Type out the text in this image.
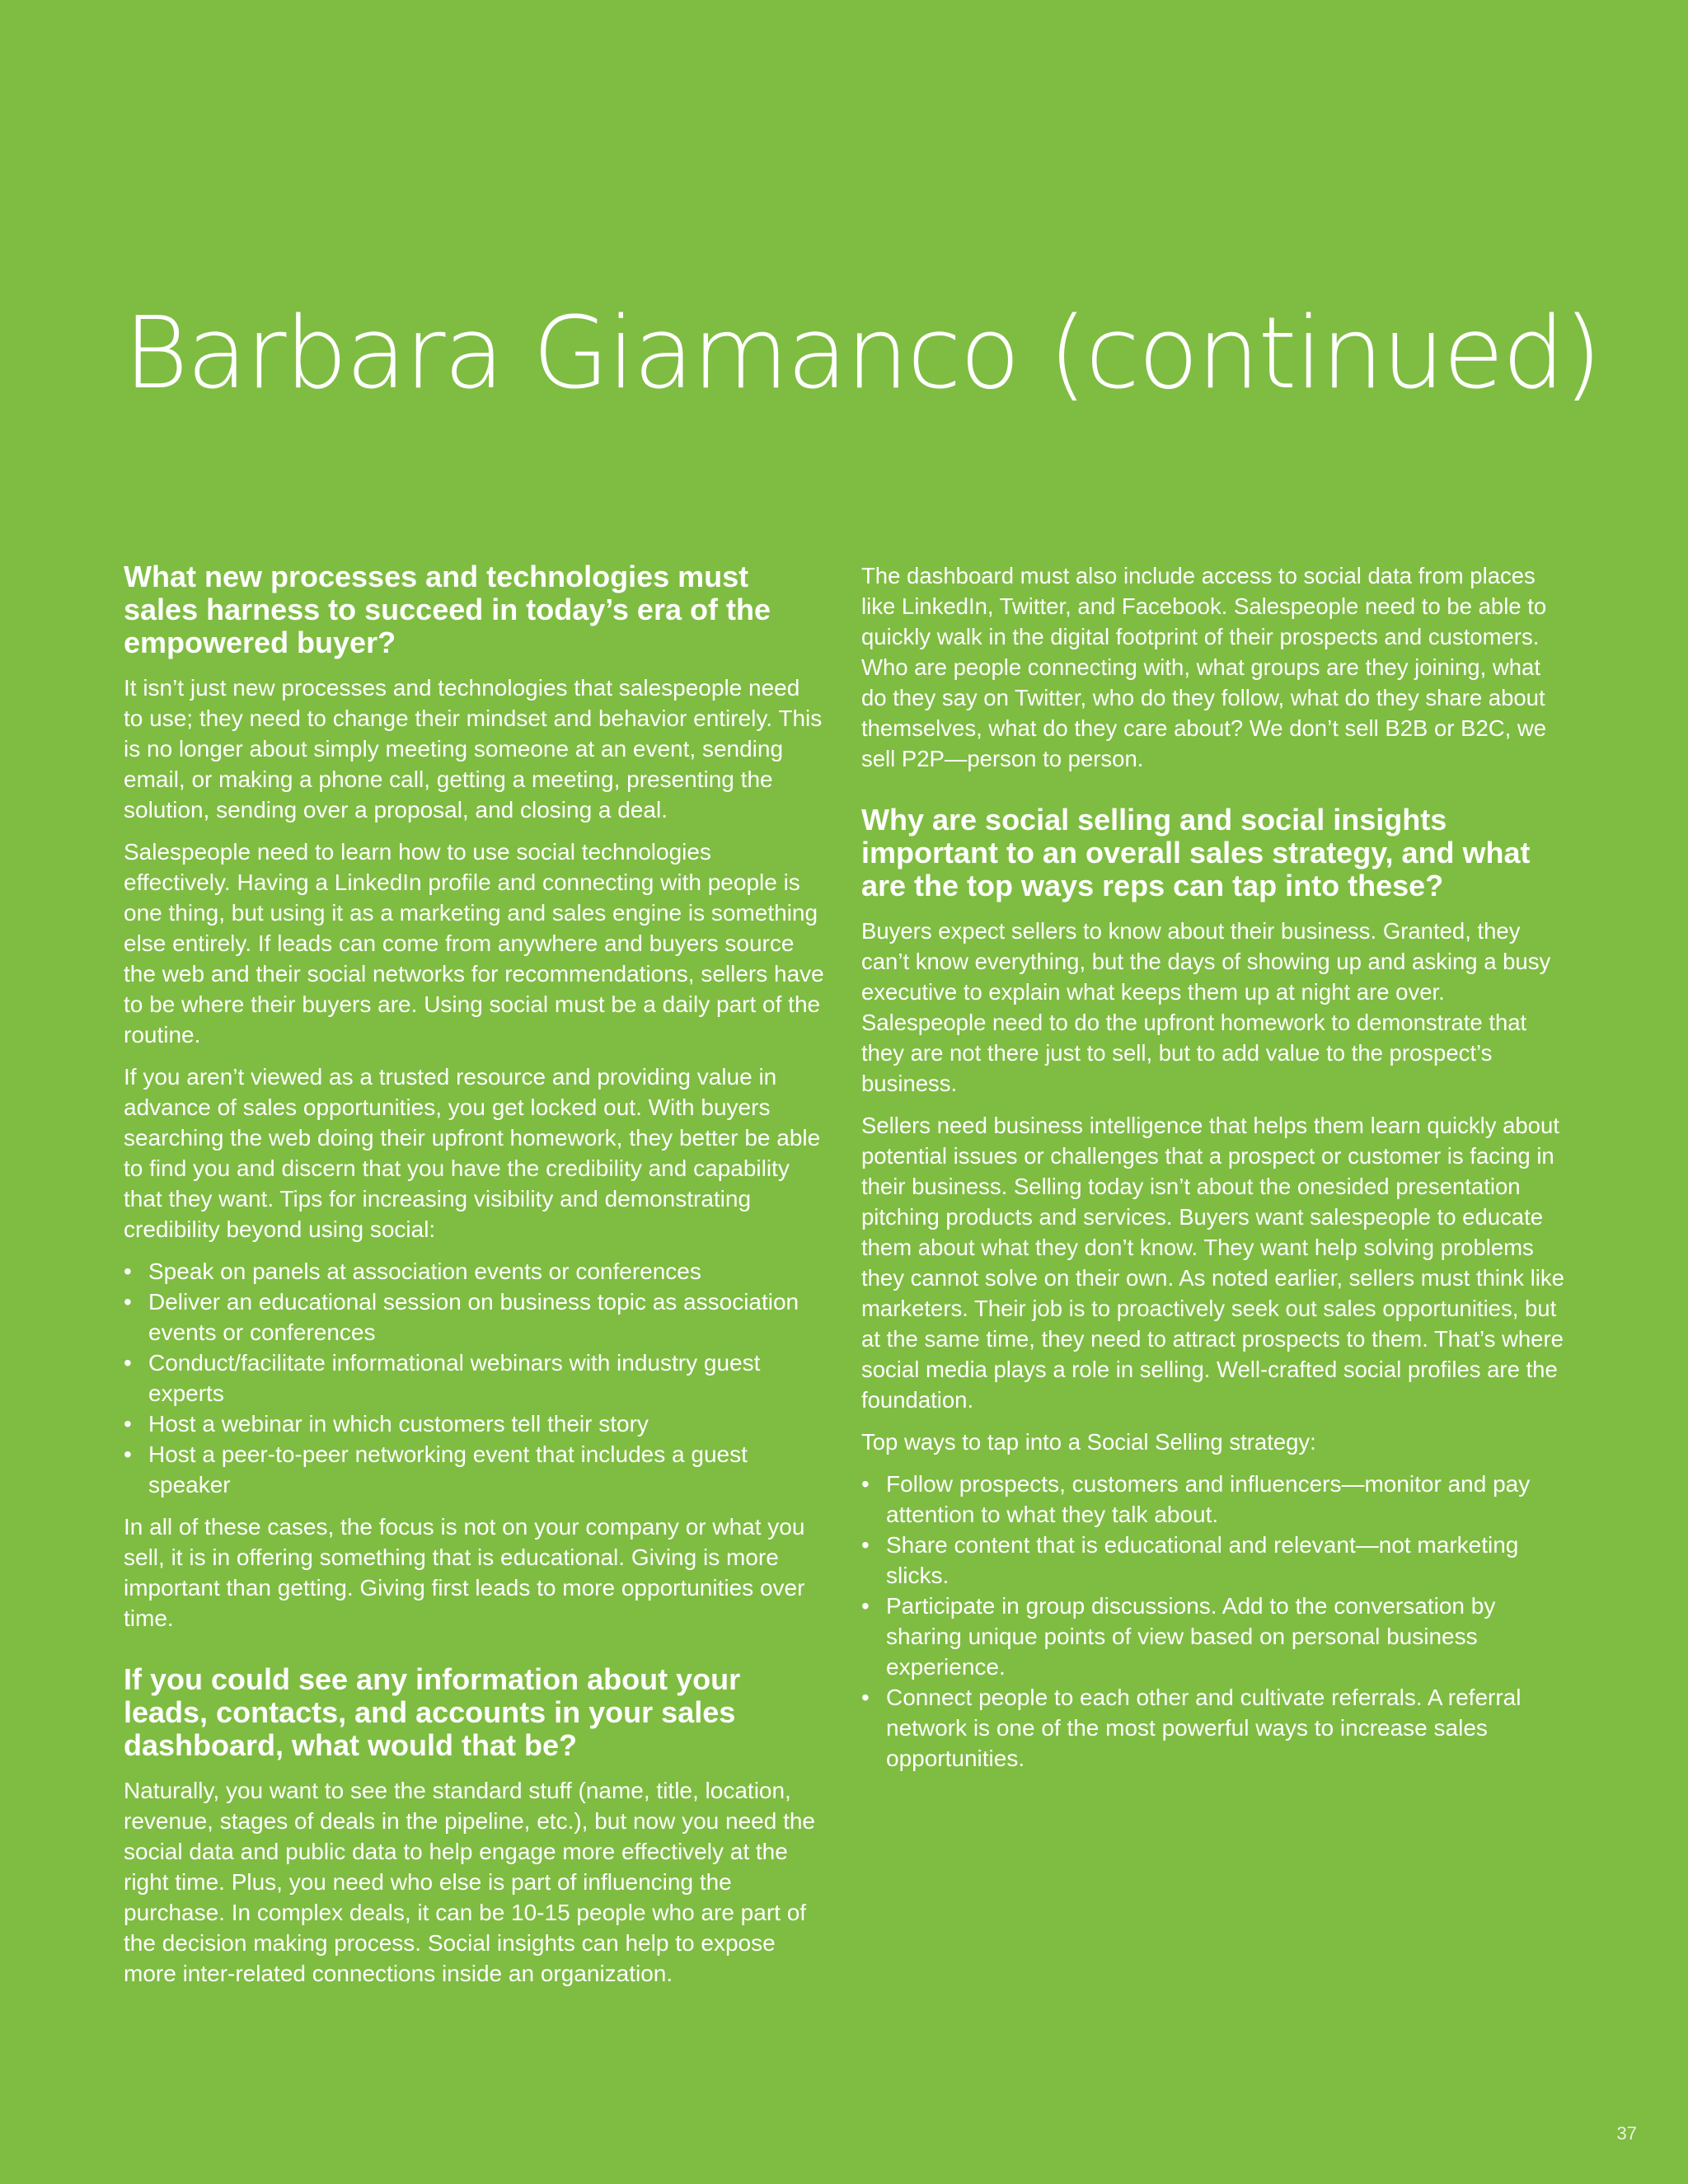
Barbara Giamanco (continued)
What new processes and technologies must sales harness to succeed in today’s era of the empowered buyer?

It isn’t just new processes and technologies that salespeople need to use; they need to change their mindset and behavior entirely. This is no longer about simply meeting someone at an event, sending email, or making a phone call, getting a meeting, presenting the solution, sending over a proposal, and closing a deal.

Salespeople need to learn how to use social technologies effectively. Having a LinkedIn profile and connecting with people is one thing, but using it as a marketing and sales engine is something else entirely. If leads can come from anywhere and buyers source the web and their social networks for recommendations, sellers have to be where their buyers are. Using social must be a daily part of the routine.

If you aren’t viewed as a trusted resource and providing value in advance of sales opportunities, you get locked out. With buyers searching the web doing their upfront homework, they better be able to find you and discern that you have the credibility and capability that they want. Tips for increasing visibility and demonstrating credibility beyond using social:

• Speak on panels at association events or conferences
• Deliver an educational session on business topic as association events or conferences
• Conduct/facilitate informational webinars with industry guest experts
• Host a webinar in which customers tell their story
• Host a peer-to-peer networking event that includes a guest speaker

In all of these cases, the focus is not on your company or what you sell, it is in offering something that is educational. Giving is more important than getting. Giving first leads to more opportunities over time.

If you could see any information about your leads, contacts, and accounts in your sales dashboard, what would that be?

Naturally, you want to see the standard stuff (name, title, location, revenue, stages of deals in the pipeline, etc.), but now you need the social data and public data to help engage more effectively at the right time. Plus, you need who else is part of influencing the purchase. In complex deals, it can be 10-15 people who are part of the decision making process. Social insights can help to expose more inter-related connections inside an organization.

The dashboard must also include access to social data from places like LinkedIn, Twitter, and Facebook. Salespeople need to be able to quickly walk in the digital footprint of their prospects and customers. Who are people connecting with, what groups are they joining, what do they say on Twitter, who do they follow, what do they share about themselves, what do they care about? We don’t sell B2B or B2C, we sell P2P—person to person.

Why are social selling and social insights important to an overall sales strategy, and what are the top ways reps can tap into these?

Buyers expect sellers to know about their business. Granted, they can’t know everything, but the days of showing up and asking a busy executive to explain what keeps them up at night are over. Salespeople need to do the upfront homework to demonstrate that they are not there just to sell, but to add value to the prospect’s business.

Sellers need business intelligence that helps them learn quickly about potential issues or challenges that a prospect or customer is facing in their business. Selling today isn’t about the onesided presentation pitching products and services. Buyers want salespeople to educate them about what they don’t know. They want help solving problems they cannot solve on their own. As noted earlier, sellers must think like marketers. Their job is to proactively seek out sales opportunities, but at the same time, they need to attract prospects to them. That’s where social media plays a role in selling. Well-crafted social profiles are the foundation.

Top ways to tap into a Social Selling strategy:

• Follow prospects, customers and influencers—monitor and pay attention to what they talk about.
• Share content that is educational and relevant—not marketing slicks.
• Participate in group discussions. Add to the conversation by sharing unique points of view based on personal business experience.
• Connect people to each other and cultivate referrals. A referral network is one of the most powerful ways to increase sales opportunities.
37
